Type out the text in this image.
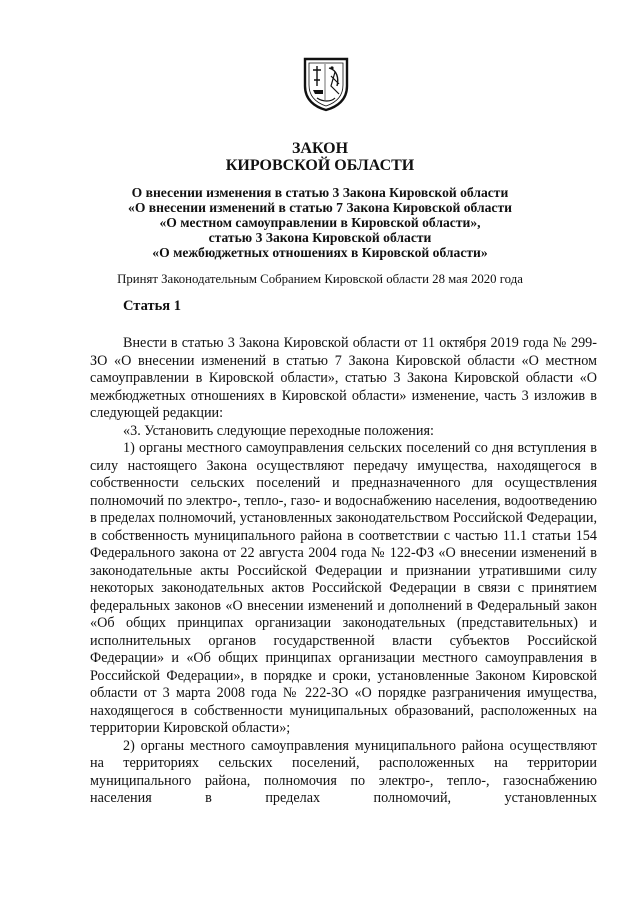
ЗАКОН
КИРОВСКОЙ ОБЛАСТИ
О внесении изменения в статью 3 Закона Кировской области
«О внесении изменений в статью 7 Закона Кировской области
«О местном самоуправлении в Кировской области»,
статью 3 Закона Кировской области
«О межбюджетных отношениях в Кировской области»
Принят Законодательным Собранием Кировской области 28 мая 2020 года
Статья 1

Внести в статью 3 Закона Кировской области от 11 октября 2019 года № 299-ЗО «О внесении изменений в статью 7 Закона Кировской области «О местном самоуправлении в Кировской области», статью 3 Закона Кировской области «О межбюджетных отношениях в Кировской области» изменение, часть 3 изложив в следующей редакции:

«3. Установить следующие переходные положения:

1) органы местного самоуправления сельских поселений со дня вступления в силу настоящего Закона осуществляют передачу имущества, находящегося в собственности сельских поселений и предназначенного для осуществления полномочий по электро-, тепло-, газо- и водоснабжению населения, водоотведению в пределах полномочий, установленных законодательством Российской Федерации, в собственность муниципального района в соответствии с частью 11.1 статьи 154 Федерального закона от 22 августа 2004 года № 122-ФЗ «О внесении изменений в законодательные акты Российской Федерации и признании утратившими силу некоторых законодательных актов Российской Федерации в связи с принятием федеральных законов «О внесении изменений и дополнений в Федеральный закон «Об общих принципах организации законодательных (представительных) и исполнительных органов государственной власти субъектов Российской Федерации» и «Об общих принципах организации местного самоуправления в Российской Федерации», в порядке и сроки, установленные Законом Кировской области от 3 марта 2008 года № 222-ЗО «О порядке разграничения имущества, находящегося в собственности муниципальных образований, расположенных на территории Кировской области»;

2) органы местного самоуправления муниципального района осуществляют на территориях сельских поселений, расположенных на территории муниципального района, полномочия по электро-, тепло-, газоснабжению населения в пределах полномочий, установленных
